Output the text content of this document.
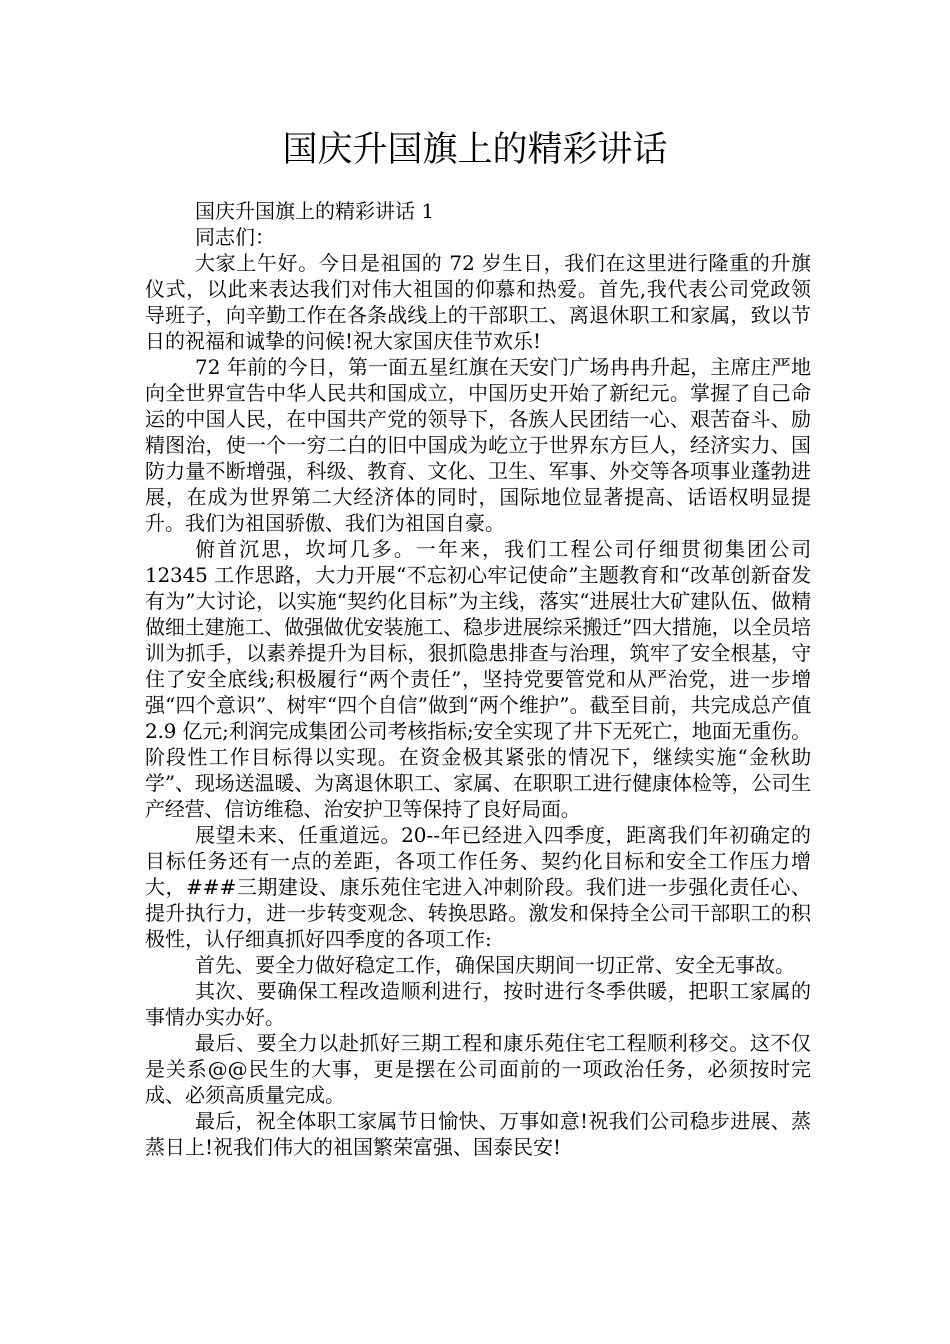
国庆升国旗上的精彩讲话

国庆升国旗上的精彩讲话 1

同志们：

大家上午好。今日是祖国的 72 岁生日，我们在这里进行隆重的升旗仪式，以此来表达我们对伟大祖国的仰慕和热爱。首先,我代表公司党政领导班子，向辛勤工作在各条战线上的干部职工、离退休职工和家属，致以节日的祝福和诚挚的问候!祝大家国庆佳节欢乐!

72 年前的今日，第一面五星红旗在天安门广场冉冉升起，主席庄严地向全世界宣告中华人民共和国成立，中国历史开始了新纪元。掌握了自己命运的中国人民，在中国共产党的领导下，各族人民团结一心、艰苦奋斗、励精图治，使一个一穷二白的旧中国成为屹立于世界东方巨人，经济实力、国防力量不断增强，科级、教育、文化、卫生、军事、外交等各项事业蓬勃进展，在成为世界第二大经济体的同时，国际地位显著提高、话语权明显提升。我们为祖国骄傲、我们为祖国自豪。

俯首沉思，坎坷几多。一年来，我们工程公司仔细贯彻集团公司 12345 工作思路，大力开展“不忘初心牢记使命”主题教育和“改革创新奋发有为”大讨论，以实施“契约化目标”为主线，落实“进展壮大矿建队伍、做精做细土建施工、做强做优安装施工、稳步进展综采搬迁”四大措施，以全员培训为抓手，以素养提升为目标，狠抓隐患排查与治理，筑牢了安全根基，守住了安全底线;积极履行“两个责任”，坚持党要管党和从严治党，进一步增强“四个意识”、树牢“四个自信”做到“两个维护”。截至目前，共完成总产值 2.9 亿元;利润完成集团公司考核指标;安全实现了井下无死亡，地面无重伤。阶段性工作目标得以实现。在资金极其紧张的情况下，继续实施“金秋助学”、现场送温暖、为离退休职工、家属、在职职工进行健康体检等，公司生产经营、信访维稳、治安护卫等保持了良好局面。

展望未来、任重道远。20--年已经进入四季度，距离我们年初确定的目标任务还有一点的差距，各项工作任务、契约化目标和安全工作压力增大，###三期建设、康乐苑住宅进入冲刺阶段。我们进一步强化责任心、提升执行力，进一步转变观念、转换思路。激发和保持全公司干部职工的积极性，认仔细真抓好四季度的各项工作:

首先、要全力做好稳定工作，确保国庆期间一切正常、安全无事故。

其次、要确保工程改造顺利进行，按时进行冬季供暖，把职工家属的事情办实办好。

最后、要全力以赴抓好三期工程和康乐苑住宅工程顺利移交。这不仅是关系@@民生的大事，更是摆在公司面前的一项政治任务，必须按时完成、必须高质量完成。

最后，祝全体职工家属节日愉快、万事如意!祝我们公司稳步进展、蒸蒸日上!祝我们伟大的祖国繁荣富强、国泰民安!
